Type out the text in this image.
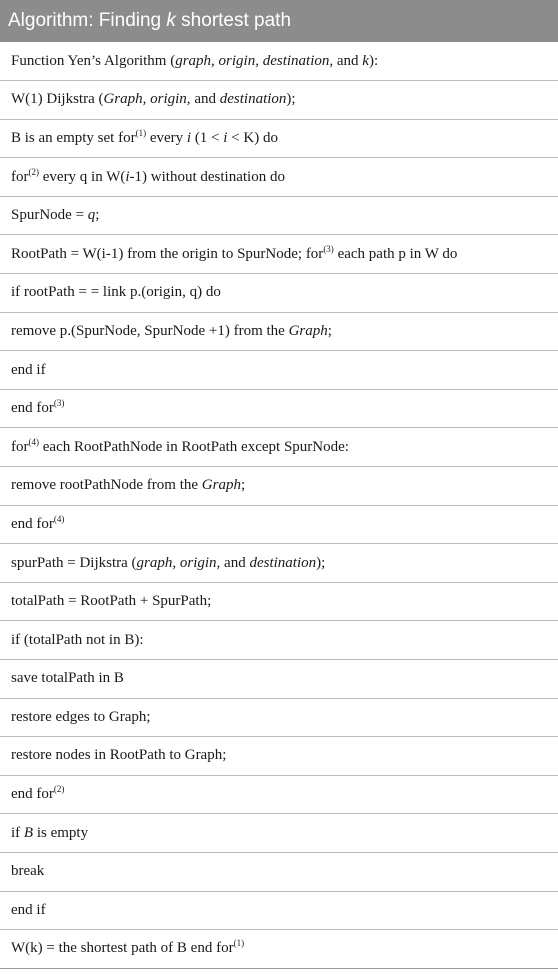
Algorithm: Finding k shortest path
Function Yen’s Algorithm (graph, origin, destination, and k):
W(1) Dijkstra (Graph, origin, and destination);
B is an empty set for$^{(1)}$ every i (1 < i < K) do
for$^{(2)}$ every q in W(i-1) without destination do
SpurNode = q;
RootPath = W(i-1) from the origin to SpurNode; for$^{(3)}$ each path p in W do
if rootPath = = link p.(origin, q) do
remove p.(SpurNode, SpurNode +1) from the Graph;
end if
end for$^{(3)}$
for$^{(4)}$ each RootPathNode in RootPath except SpurNode:
remove rootPathNode from the Graph;
end for$^{(4)}$
spurPath = Dijkstra (graph, origin, and destination);
totalPath = RootPath + SpurPath;
if (totalPath not in B):
save totalPath in B
restore edges to Graph;
restore nodes in RootPath to Graph;
end for$^{(2)}$
if B is empty
break
end if
W(k) = the shortest path of B end for$^{(1)}$
